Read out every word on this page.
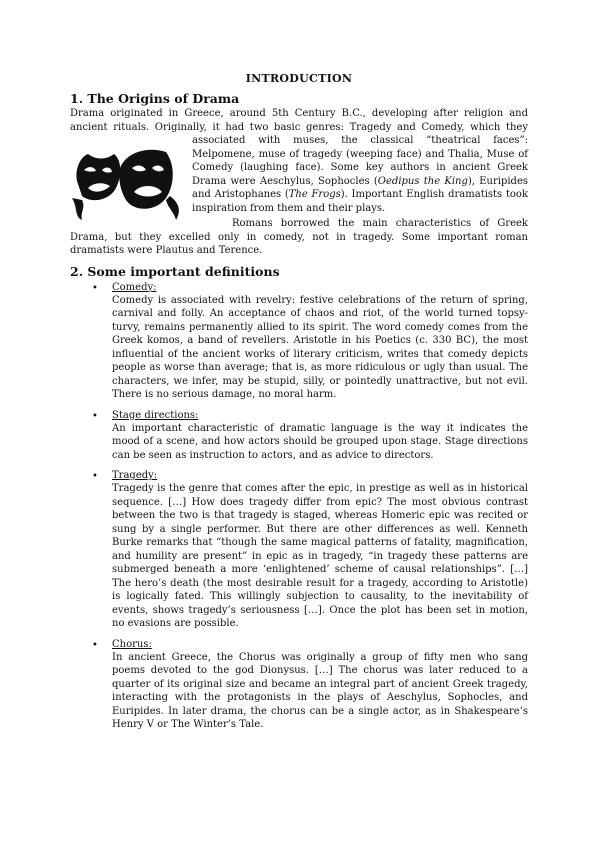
INTRODUCTION
1. The Origins of Drama

Drama originated in Greece, around 5th Century B.C., developing after religion and ancient rituals. Originally, it had two basic genres: Tragedy and Comedy, which they associated with
muses, the classical “theatrical faces”: Melpomene, muse of tragedy (weeping face) and Thalia, Muse of Comedy (laughing face). Some key authors in ancient Greek Drama were Aeschylus, Sophocles (Oedipus the King), Euripides and Aristophanes (The Frogs). Important English dramatists took inspiration from them and their plays.

Romans borrowed the main characteristics of Greek Drama, but they excelled only in comedy, not in tragedy. Some important roman dramatists were Plautus and Terence.

2. Some important definitions
• Comedy:

Comedy is associated with revelry: festive celebrations of the return of spring, carnival and folly. An acceptance of chaos and riot, of the world turned topsy-turvy, remains permanently allied to its spirit. The word comedy comes from the Greek komos, a band of revellers. Aristotle in his Poetics (c. 330 BC), the most influential of the ancient works of literary criticism, writes that comedy depicts people as worse than average; that is, as more ridiculous or ugly than usual. The characters, we infer, may be stupid, silly, or pointedly unattractive, but not evil. There is no serious damage, no moral harm.

• Stage directions:

An important characteristic of dramatic language is the way it indicates the mood of a scene, and how actors should be grouped upon stage. Stage directions can be seen as instruction to actors, and as advice to directors.

• Tragedy:

Tragedy is the genre that comes after the epic, in prestige as well as in historical sequence. […] How does tragedy differ from epic? The most obvious contrast between the two is that tragedy is staged, whereas Homeric epic was recited or sung by a single performer. But there are other differences as well. Kenneth Burke remarks that “though the same magical patterns of fatality, magnification, and humility are present” in epic as in tragedy, “in tragedy these patterns are submerged beneath a more ‘enlightened’ scheme of causal relationships”. […] The hero’s death (the most desirable result for a tragedy, according to Aristotle) is logically fated. This willingly subjection to causality, to the inevitability of events, shows tragedy’s seriousness […]. Once the plot has been set in motion, no evasions are possible.

• Chorus:

In ancient Greece, the Chorus was originally a group of fifty men who sang poems devoted to the god Dionysus. […] The chorus was later reduced to a quarter of its original size and became an integral part of ancient Greek tragedy, interacting with the protagonists in the plays of Aeschylus, Sophocles, and Euripides. In later drama, the chorus can be a single actor, as in Shakespeare’s Henry V or The Winter’s Tale.
